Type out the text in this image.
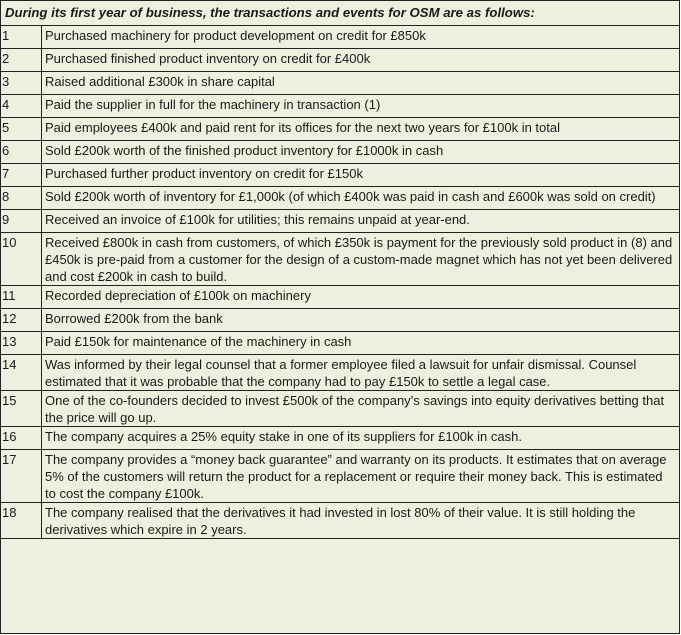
During its first year of business, the transactions and events for OSM are as follows:
1	Purchased machinery for product development on credit for £850k
2	Purchased finished product inventory on credit for £400k
3	Raised additional £300k in share capital
4	Paid the supplier in full for the machinery in transaction (1)
5	Paid employees £400k and paid rent for its offices for the next two years for £100k in total
6	Sold £200k worth of the finished product inventory for £1000k in cash
7	Purchased further product inventory on credit for £150k
8	Sold £200k worth of inventory for £1,000k (of which £400k was paid in cash and £600k was sold on credit)
9	Received an invoice of £100k for utilities; this remains unpaid at year-end.
10	Received £800k in cash from customers, of which £350k is payment for the previously sold product in (8) and £450k is pre-paid from a customer for the design of a custom-made magnet which has not yet been delivered and cost £200k in cash to build.
11	Recorded depreciation of £100k on machinery
12	Borrowed £200k from the bank
13	Paid £150k for maintenance of the machinery in cash
14	Was informed by their legal counsel that a former employee filed a lawsuit for unfair dismissal. Counsel estimated that it was probable that the company had to pay £150k to settle a legal case.
15	One of the co-founders decided to invest £500k of the company’s savings into equity derivatives betting that the price will go up.
16	The company acquires a 25% equity stake in one of its suppliers for £100k in cash.
17	The company provides a “money back guarantee” and warranty on its products. It estimates that on average 5% of the customers will return the product for a replacement or require their money back. This is estimated to cost the company £100k.
18	The company realised that the derivatives it had invested in lost 80% of their value. It is still holding the derivatives which expire in 2 years.
